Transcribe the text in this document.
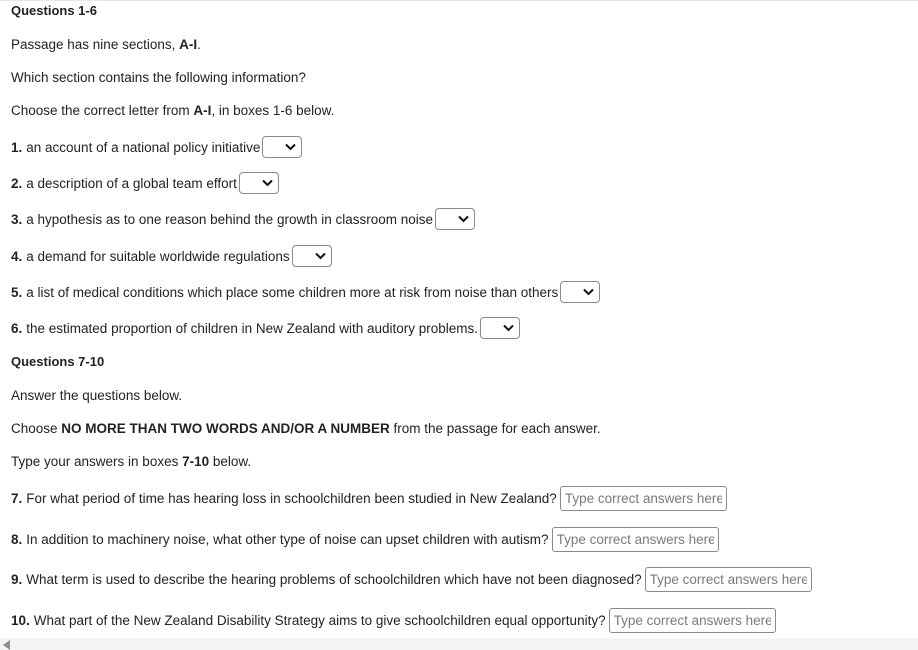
Questions 1-6
Passage has nine sections, A-I.
Which section contains the following information?
Choose the correct letter from A-I, in boxes 1-6 below.
1. an account of a national policy initiative
2. a description of a global team effort
3. a hypothesis as to one reason behind the growth in classroom noise
4. a demand for suitable worldwide regulations
5. a list of medical conditions which place some children more at risk from noise than others
6. the estimated proportion of children in New Zealand with auditory problems.
Questions 7-10
Answer the questions below.
Choose NO MORE THAN TWO WORDS AND/OR A NUMBER from the passage for each answer.
Type your answers in boxes 7-10 below.
7. For what period of time has hearing loss in schoolchildren been studied in New Zealand?
Type correct answers here.
8. In addition to machinery noise, what other type of noise can upset children with autism?
Type correct answers here.
9. What term is used to describe the hearing problems of schoolchildren which have not been diagnosed?
Type correct answers here.
10. What part of the New Zealand Disability Strategy aims to give schoolchildren equal opportunity?
Type correct answers here.
